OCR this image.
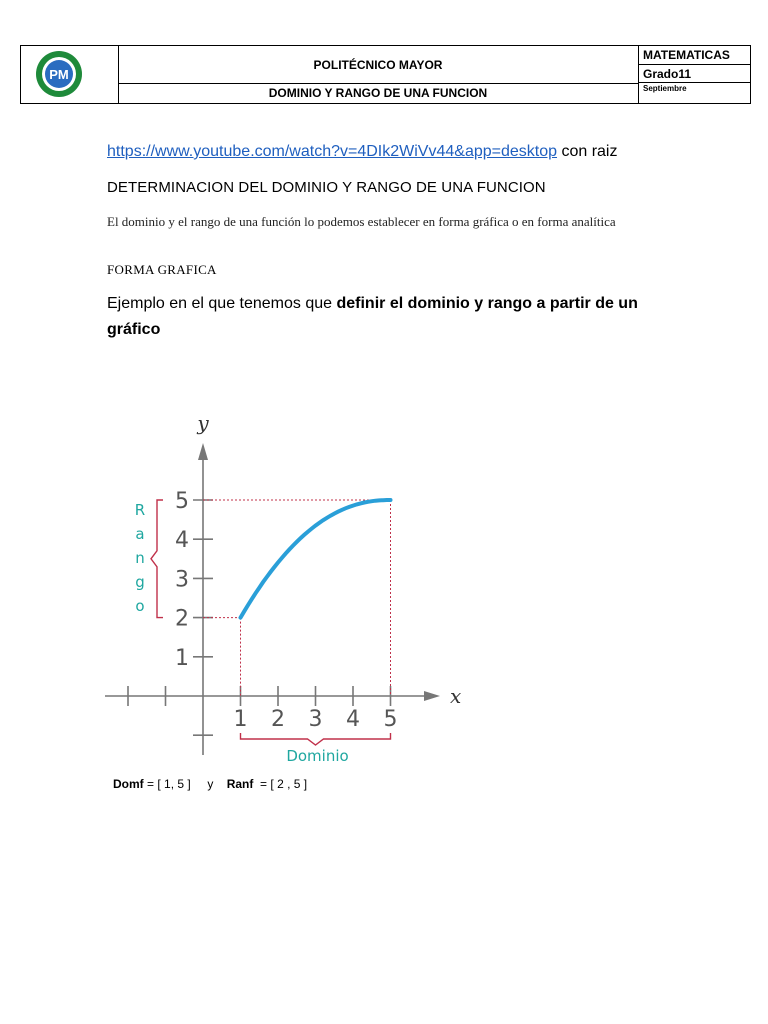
PM
POLITÉCNICO MAYOR
DOMINIO Y RANGO DE UNA FUNCION
MATEMATICAS
Grado11
Septiembre
https://www.youtube.com/watch?v=4DIk2WiVv44&app=desktop con raiz
DETERMINACION DEL DOMINIO Y RANGO DE UNA FUNCION
El dominio y el rango de una función lo podemos establecer en forma gráfica o en forma analítica
FORMA GRAFICA
Ejemplo en el que tenemos que definir el dominio y rango a partir de un gráfico
1 2 3 4 5
1
2
3
4
5
x
y
R
a
n
g
o
Dominio
Domf = [ 1, 5 ]     y    Ranf  = [ 2 , 5 ]
